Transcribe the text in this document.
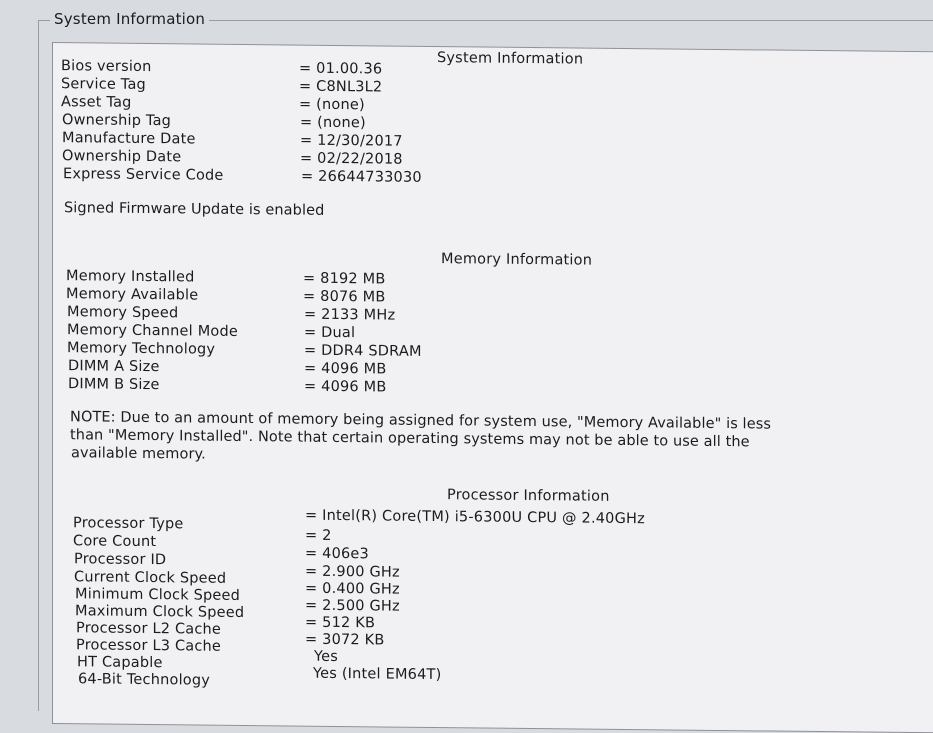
System Information
System Information
Bios version	= 01.00.36
Service Tag	= C8NL3L2
Asset Tag	= (none)
Ownership Tag	= (none)
Manufacture Date	= 12/30/2017
Ownership Date	= 02/22/2018
Express Service Code	= 26644733030
Signed Firmware Update is enabled
Memory Information
Memory Installed	= 8192 MB
Memory Available	= 8076 MB
Memory Speed	= 2133 MHz
Memory Channel Mode	= Dual
Memory Technology	= DDR4 SDRAM
DIMM A Size	= 4096 MB
DIMM B Size	= 4096 MB
NOTE: Due to an amount of memory being assigned for system use, "Memory Available" is less
than "Memory Installed". Note that certain operating systems may not be able to use all the
available memory.
Processor Information
Processor Type	= Intel(R) Core(TM) i5-6300U CPU @ 2.40GHz
Core Count	= 2
Processor ID	= 406e3
Current Clock Speed	= 2.900 GHz
Minimum Clock Speed	= 0.400 GHz
Maximum Clock Speed	= 2.500 GHz
Processor L2 Cache	= 512 KB
Processor L3 Cache	= 3072 KB
HT Capable	Yes
64-Bit Technology	Yes (Intel EM64T)
